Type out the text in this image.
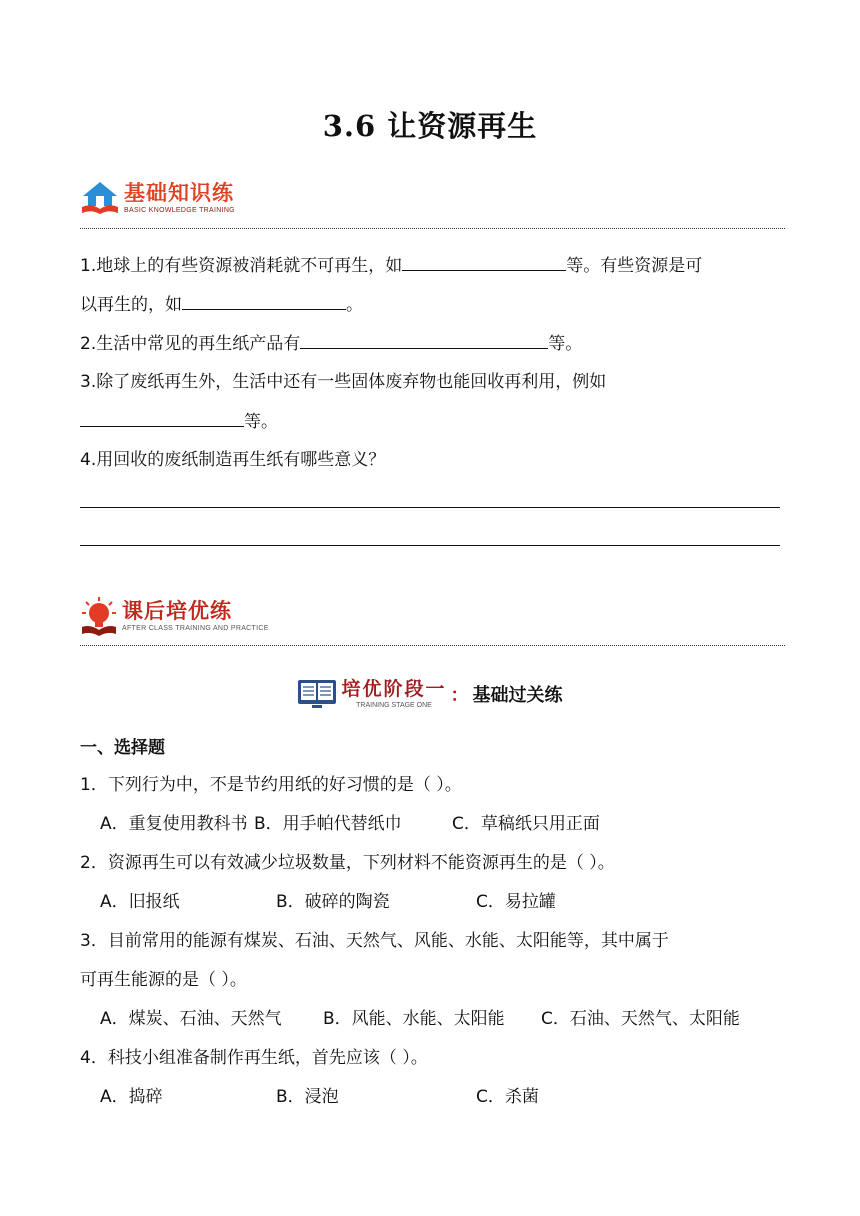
3.6 让资源再生
基础知识练
BASIC KNOWLEDGE TRAINING
1.地球上的有些资源被消耗就不可再生，如	等。有些资源是可
以再生的，如	。
2.生活中常见的再生纸产品有	等。
3.除了废纸再生外，生活中还有一些固体废弃物也能回收再利用，例如
等。
4.用回收的废纸制造再生纸有哪些意义？
课后培优练
AFTER CLASS TRAINING AND PRACTICE
培优阶段一
TRAINING STAGE ONE ： 基础过关练
一、选择题
1．下列行为中，不是节约用纸的好习惯的是（ ）。
A．重复使用教科书 B．用手帕代替纸巾	C．草稿纸只用正面
2．资源再生可以有效减少垃圾数量，下列材料不能资源再生的是（ ）。
A．旧报纸	B．破碎的陶瓷	C．易拉罐
3．目前常用的能源有煤炭、石油、天然气、风能、水能、太阳能等，其中属于
可再生能源的是（ ）。
A．煤炭、石油、天然气 B．风能、水能、太阳能 C．石油、天然气、太阳能
4．科技小组准备制作再生纸，首先应该（ ）。
A．捣碎	B．浸泡	C．杀菌
